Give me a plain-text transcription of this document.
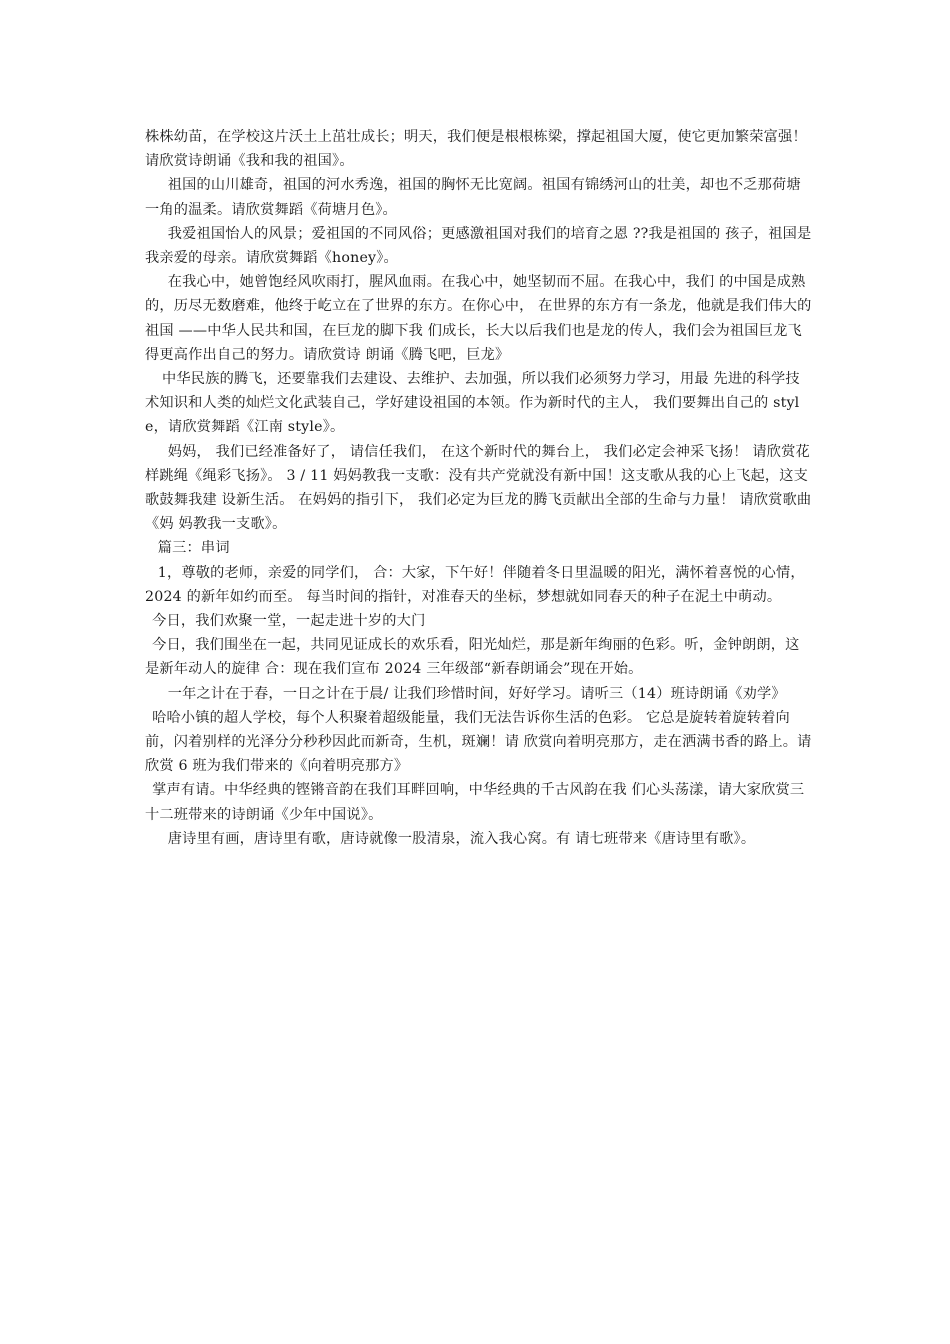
株株幼苗，在学校这片沃土上茁壮成长；明天，我们便是根根栋梁，撑起祖国大厦，使它更加繁荣富强！请欣赏诗朗诵《我和我的祖国》。

祖国的山川雄奇，祖国的河水秀逸，祖国的胸怀无比宽阔。祖国有锦绣河山的壮美，却也不乏那荷塘一角的温柔。请欣赏舞蹈《荷塘月色》。

我爱祖国怡人的风景；爱祖国的不同风俗；更感激祖国对我们的培育之恩 ??我是祖国的 孩子，祖国是我亲爱的母亲。请欣赏舞蹈《honey》。

在我心中，她曾饱经风吹雨打，腥风血雨。在我心中，她坚韧而不屈。在我心中，我们 的中国是成熟的，历尽无数磨难，他终于屹立在了世界的东方。在你心中， 在世界的东方有一条龙，他就是我们伟大的祖国 ——中华人民共和国，在巨龙的脚下我 们成长，长大以后我们也是龙的传人，我们会为祖国巨龙飞得更高作出自己的努力。请欣赏诗 朗诵《腾飞吧，巨龙》

中华民族的腾飞，还要靠我们去建设、去维护、去加强，所以我们必须努力学习，用最 先进的科学技术知识和人类的灿烂文化武装自己，学好建设祖国的本领。作为新时代的主人， 我们要舞出自己的 style，请欣赏舞蹈《江南 style》。

妈妈， 我们已经准备好了， 请信任我们， 在这个新时代的舞台上， 我们必定会神采飞扬！ 请欣赏花样跳绳《绳彩飞扬》。 3 / 11 妈妈教我一支歌：没有共产党就没有新中国！这支歌从我的心上飞起，这支歌鼓舞我建 设新生活。 在妈妈的指引下， 我们必定为巨龙的腾飞贡献出全部的生命与力量！ 请欣赏歌曲 《妈 妈教我一支歌》。

篇三：串词

1，尊敬的老师，亲爱的同学们， 合：大家，下午好！伴随着冬日里温暖的阳光，满怀着喜悦的心情，2024 的新年如约而至。 每当时间的指针，对准春天的坐标，梦想就如同春天的种子在泥土中萌动。

今日，我们欢聚一堂，一起走进十岁的大门

今日，我们围坐在一起，共同见证成长的欢乐看，阳光灿烂，那是新年绚丽的色彩。听，金钟朗朗，这是新年动人的旋律 合：现在我们宣布 2024 三年级部“新春朗诵会”现在开始。

一年之计在于春，一日之计在于晨/ 让我们珍惜时间，好好学习。请听三（14）班诗朗诵《劝学》

哈哈小镇的超人学校，每个人积聚着超级能量，我们无法告诉你生活的色彩。 它总是旋转着旋转着向前，闪着别样的光泽分分秒秒因此而新奇，生机，斑斓！请 欣赏向着明亮那方，走在洒满书香的路上。请欣赏 6 班为我们带来的《向着明亮那方》

掌声有请。中华经典的铿锵音韵在我们耳畔回响，中华经典的千古风韵在我 们心头荡漾，请大家欣赏三十二班带来的诗朗诵《少年中国说》。

唐诗里有画，唐诗里有歌，唐诗就像一股清泉，流入我心窝。有 请七班带来《唐诗里有歌》。
